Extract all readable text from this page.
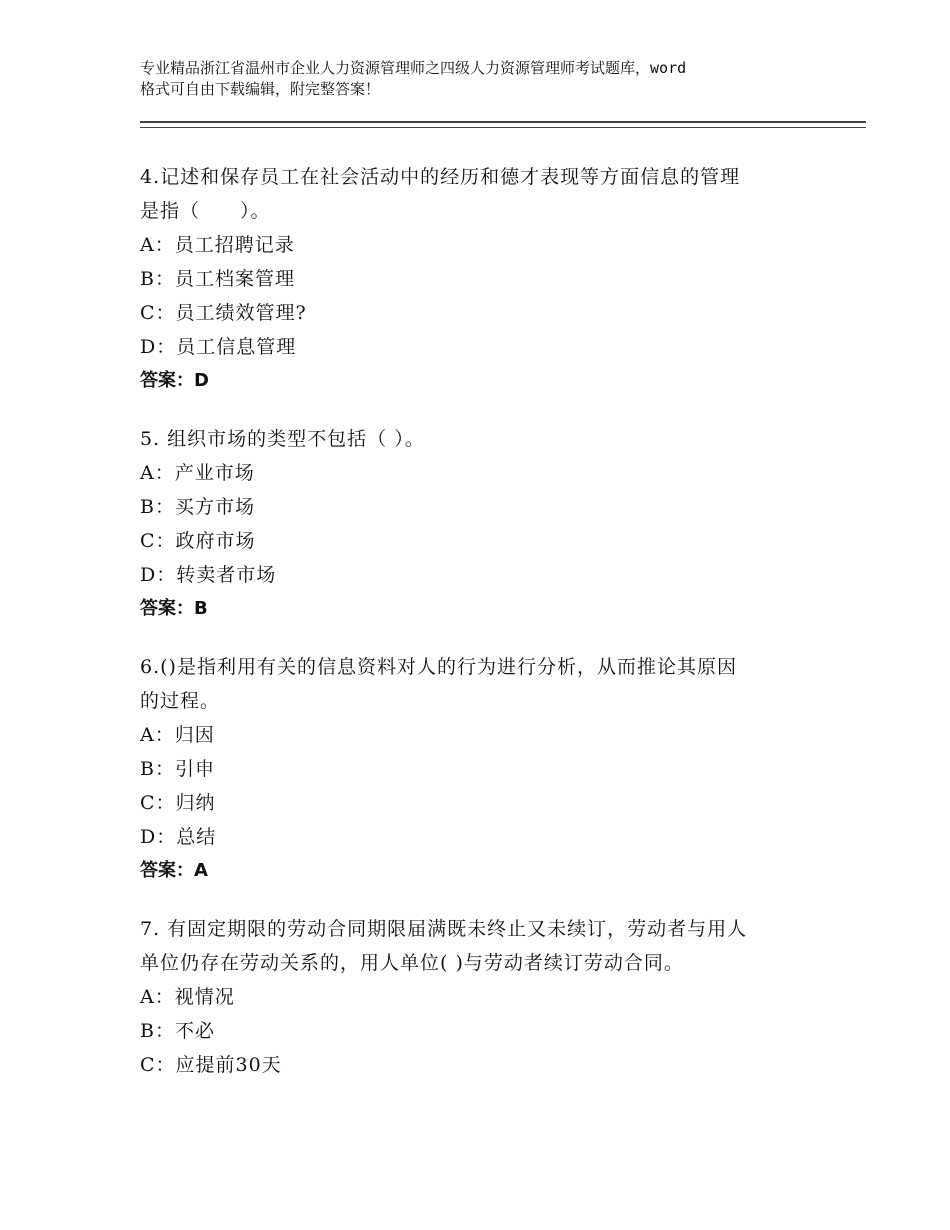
专业精品浙江省温州市企业人力资源管理师之四级人力资源管理师考试题库，word
格式可自由下载编辑，附完整答案！
4.记述和保存员工在社会活动中的经历和德才表现等方面信息的管理
是指（　　）。
A：员工招聘记录
B：员工档案管理
C：员工绩效管理?
D：员工信息管理
答案：D
5. 组织市场的类型不包括（ ）。
A：产业市场
B：买方市场
C：政府市场
D：转卖者市场
答案：B
6.()是指利用有关的信息资料对人的行为进行分析，从而推论其原因
的过程。
A：归因
B：引申
C：归纳
D：总结
答案：A
7. 有固定期限的劳动合同期限届满既未终止又未续订，劳动者与用人
单位仍存在劳动关系的，用人单位( )与劳动者续订劳动合同。
A：视情况
B：不必
C：应提前30天
